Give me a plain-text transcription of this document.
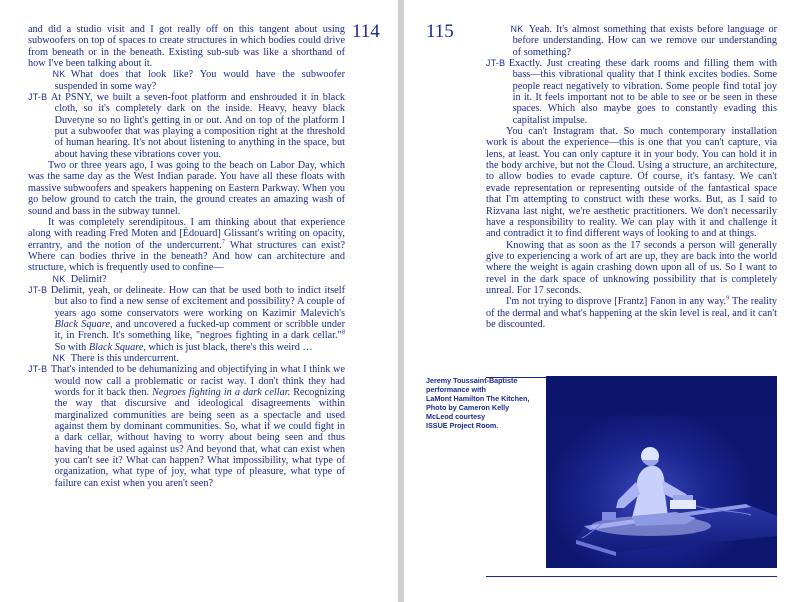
and did a studio visit and I got really off on this tangent about using subwoofers on top of spaces to create structures in which bodies could drive from beneath or in the beneath. Existing sub-sub was like a shorthand of how I've been talking about it.

NK What does that look like? You would have the subwoofer suspended in some way?

JT-B At PSNY, we built a seven-foot platform and enshrouded it in black cloth, so it's completely dark on the inside. Heavy, heavy black Duvetyne so no light's getting in or out. And on top of the platform I put a subwoofer that was playing a composition right at the threshold of human hearing. It's not about listening to anything in the space, but about having these vibrations cover you.

Two or three years ago, I was going to the beach on Labor Day, which was the same day as the West Indian parade. You have all these floats with massive subwoofers and speakers happening on Eastern Parkway. When you go below ground to catch the train, the ground creates an amazing wash of sound and bass in the subway tunnel.

It was completely serendipitous. I am thinking about that experience along with reading Fred Moten and [Édouard] Glissant's writing on opacity, errantry, and the notion of the undercurrent.$^7$ What structures can exist? Where can bodies thrive in the beneath? And how can architecture and structure, which is frequently used to confine—

NK Delimit?

JT-B Delimit, yeah, or delineate. How can that be used both to indict itself but also to find a new sense of excitement and possibility? A couple of years ago some conservators were working on Kazimir Malevich's Black Square, and uncovered a fucked-up comment or scribble under it, in French. It's something like, "negroes fighting in a dark cellar."$^8$ So with Black Square, which is just black, there's this weird …

NK There is this undercurrent.

JT-B That's intended to be dehumanizing and objectifying in what I think we would now call a problematic or racist way. I don't think they had words for it back then. Negroes fighting in a dark cellar. Recognizing the way that discursive and ideological disagreements within marginalized communities are being seen as a spectacle and used against them by dominant communities. So, what if we could fight in a dark cellar, without having to worry about being seen and thus having that be used against us? And beyond that, what can exist when you can't see it? What can happen? What impossibility, what type of organization, what type of joy, what type of pleasure, what type of failure can exist when you aren't seen?

114 115	NK Yeah. It's almost something that exists before language or before understanding. How can we remove our understanding of something?

JT-B Exactly. Just creating these dark rooms and filling them with bass—this vibrational quality that I think excites bodies. Some people react negatively to vibration. Some people find total joy in it. It feels important not to be able to see or be seen in these spaces. Which also maybe goes to constantly evading this capitalist impulse.

You can't Instagram that. So much contemporary installation work is about the experience—this is one that you can't capture, via lens, at least. You can only capture it in your body. You can hold it in the body archive, but not the Cloud. Using a structure, an architecture, to allow bodies to evade capture. Of course, it's fantasy. We can't evade representation or representing outside of the fantastical space that I'm attempting to construct with these works. But, as I said to Rizvana last night, we're aesthetic practitioners. We don't necessarily have a responsibility to reality. We can play with it and challenge it and contradict it to find different ways of looking to and at things.

Knowing that as soon as the 17 seconds a person will generally give to experiencing a work of art are up, they are back into the world where the weight is again crashing down upon all of us. So I want to revel in the dark space of unknowing possibility that is completely unreal. For 17 seconds.

I'm not trying to disprove [Frantz] Fanon in any way.$^9$ The reality of the dermal and what's happening at the skin level is real, and it can't be discounted.

Jeremy Toussaint-Baptiste
performance with
LaMont Hamilton The Kitchen,
Photo by Cameron Kelly
McLeod courtesy
ISSUE Project Room.
